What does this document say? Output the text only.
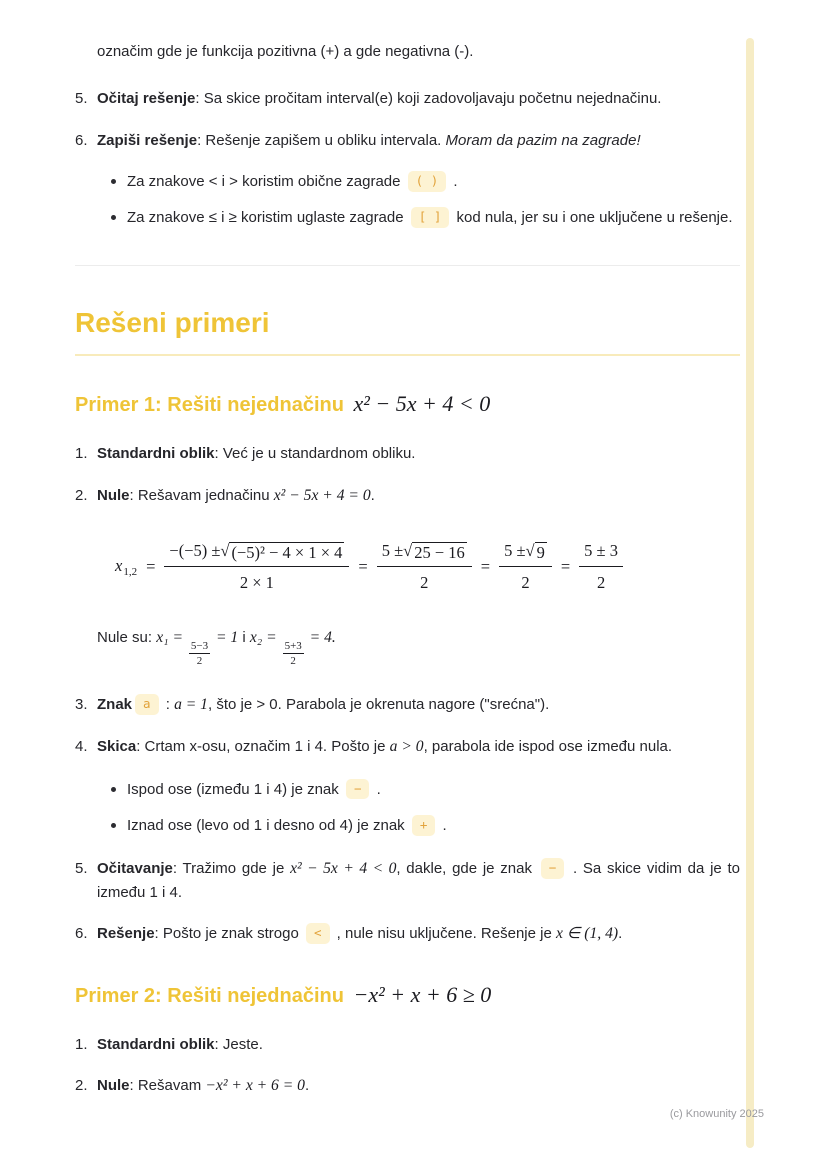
označim gde je funkcija pozitivna (+) a gde negativna (-).

5. Očitaj rešenje: Sa skice pročitam interval(e) koji zadovoljavaju početnu nejednačinu.
6. Zapiši rešenje: Rešenje zapišem u obliku intervala. Moram da pazim na zagrade!
Za znakove < i > koristim obične zagrade ( ) .
Za znakove ≤ i ≥ koristim uglaste zagrade [ ] kod nula, jer su i one uključene u rešenje.
Rešeni primeri
Primer 1: Rešiti nejednačinu x² − 5x + 4 < 0
1. Standardni oblik: Već je u standardnom obliku.
2. Nule: Rešavam jednačinu x² − 5x + 4 = 0.
$x_{1,2} = \frac{\text{−(−5) ± √ (−5)² − 4 × 1 × 4}}{2 \times 1} = \frac{5 \pm √ 25 - 16}{2} = \frac{5 \pm √ 9}{2} = \frac{5 \pm 3}{2}$

Nule su: x₁ =
$\frac{5-3}{2}$
= 1 i x₂ =
$\frac{5+3}{2}$
= 4.

3. Znak a : a = 1, što je > 0. Parabola je okrenuta nagore ("srećna").
4. Skica: Crtam x-osu, označim 1 i 4. Pošto je a > 0, parabola ide ispod ose između nula.
Ispod ose (između 1 i 4) je znak − .
Iznad ose (levo od 1 i desno od 4) je znak + .
5. Očitavanje: Tražimo gde je x² − 5x + 4 < 0, dakle, gde je znak − . Sa skice vidim da je to između 1 i 4.
6. Rešenje: Pošto je znak strogo < , nule nisu uključene. Rešenje je x ∈ (1, 4).
Primer 2: Rešiti nejednačinu −x² + x + 6 ≥ 0
1. Standardni oblik: Jeste.
2. Nule: Rešavam −x² + x + 6 = 0.
(c) Knowunity 2025
